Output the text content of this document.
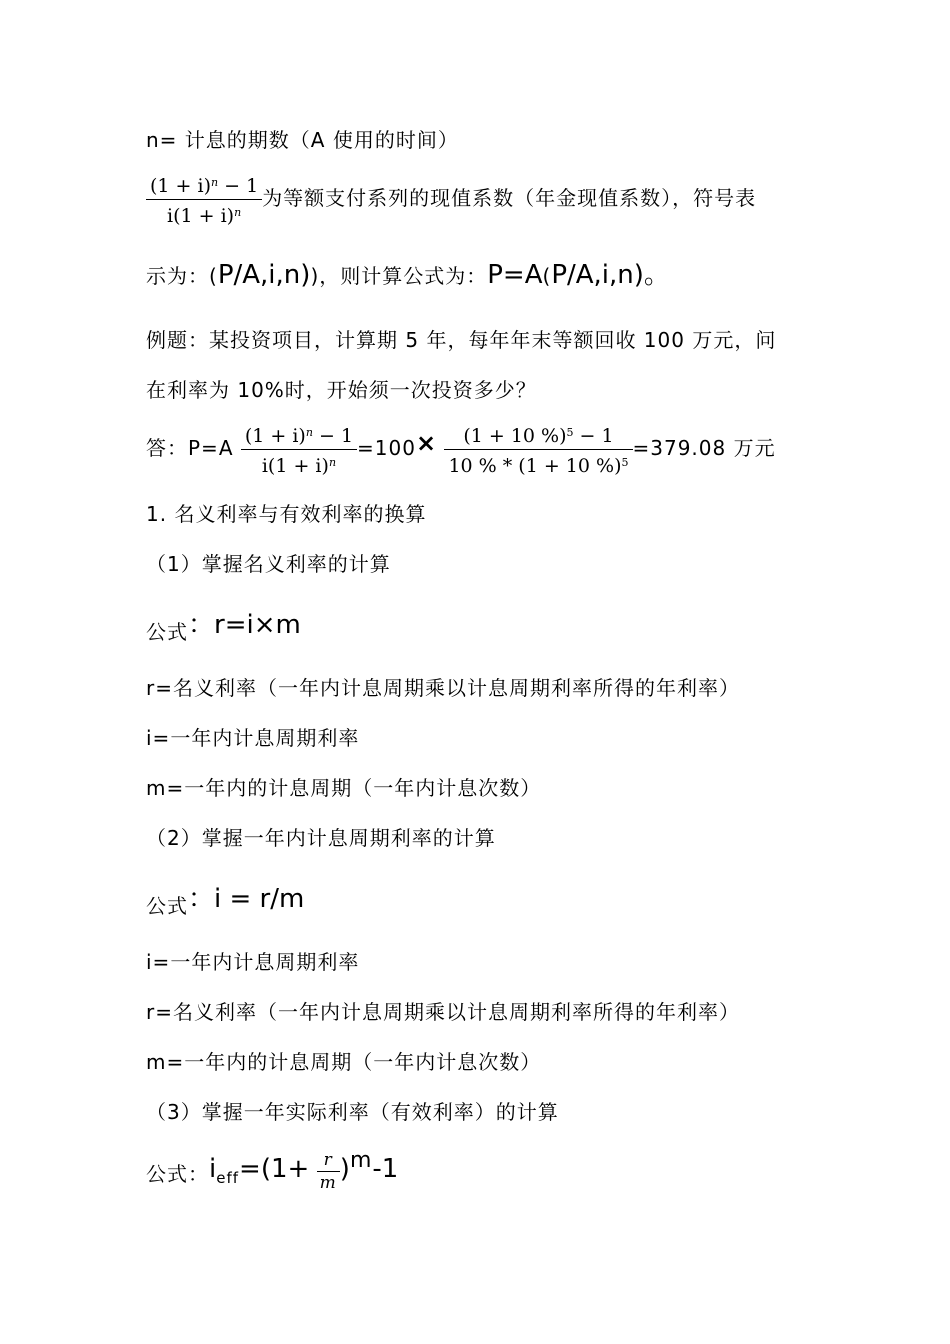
n= 计息的期数（A 使用的时间）
$\frac{(1 + i)^n - 1}{i(1 + i)^n}$ 为等额支付系列的现值系数（年金现值系数），符号表
示为：(P/A,i,n))，则计算公式为：P=A(P/A,i,n)。
例题：某投资项目，计算期 5 年，每年年末等额回收 100 万元，问
在利率为 10%时，开始须一次投资多少？
答：$P=A \frac{(1 + i)^n - 1}{i(1 + i)^n} =100\times \frac{(1 + 10 \%)^5 - 1}{10 \% * (1 + 10 \%)^5} =379.08$ 万元
1. 名义利率与有效利率的换算
（1）掌握名义利率的计算
公式：r=i×m
r=名义利率（一年内计息周期乘以计息周期利率所得的年利率）
i=一年内计息周期利率
m=一年内的计息周期（一年内计息次数）
（2）掌握一年内计息周期利率的计算
公式：i = r/m
i=一年内计息周期利率
r=名义利率（一年内计息周期乘以计息周期利率所得的年利率）
m=一年内的计息周期（一年内计息次数）
（3）掌握一年实际利率（有效利率）的计算
公式：$i_{eff}=(1+ \frac{r}{m} )^m-1$
